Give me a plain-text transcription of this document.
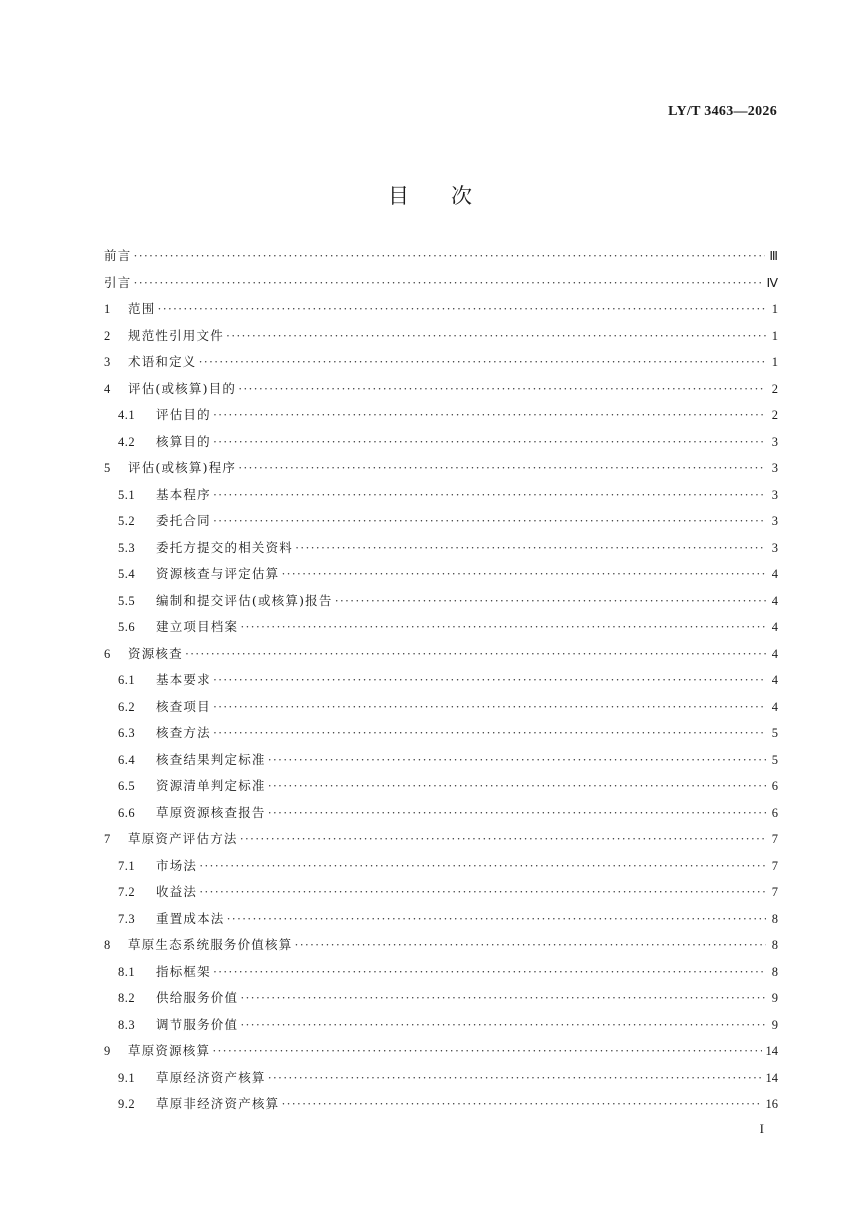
LY/T 3463—2026
目次
前言 ·····	Ⅲ
引言 ·····	Ⅳ
1	范围 ·····	1
2	规范性引用文件 ·····	1
3	术语和定义 ·····	1
4	评估(或核算)目的 ·····	2
4.1	评估目的 ·····	2
4.2	核算目的 ·····	3
5	评估(或核算)程序 ·····	3
5.1	基本程序 ·····	3
5.2	委托合同 ·····	3
5.3	委托方提交的相关资料 ·····	3
5.4	资源核查与评定估算 ·····	4
5.5	编制和提交评估(或核算)报告 ·····	4
5.6	建立项目档案 ·····	4
6	资源核查 ·····	4
6.1	基本要求 ·····	4
6.2	核查项目 ·····	4
6.3	核查方法 ·····	5
6.4	核查结果判定标准 ·····	5
6.5	资源清单判定标准 ·····	6
6.6	草原资源核查报告 ·····	6
7	草原资产评估方法 ·····	7
7.1	市场法 ·····	7
7.2	收益法 ·····	7
7.3	重置成本法 ·····	8
8	草原生态系统服务价值核算 ·····	8
8.1	指标框架 ·····	8
8.2	供给服务价值 ·····	9
8.3	调节服务价值 ·····	9
9	草原资源核算 ·····	14
9.1	草原经济资产核算 ·····	14
9.2	草原非经济资产核算 ·····	16
I
